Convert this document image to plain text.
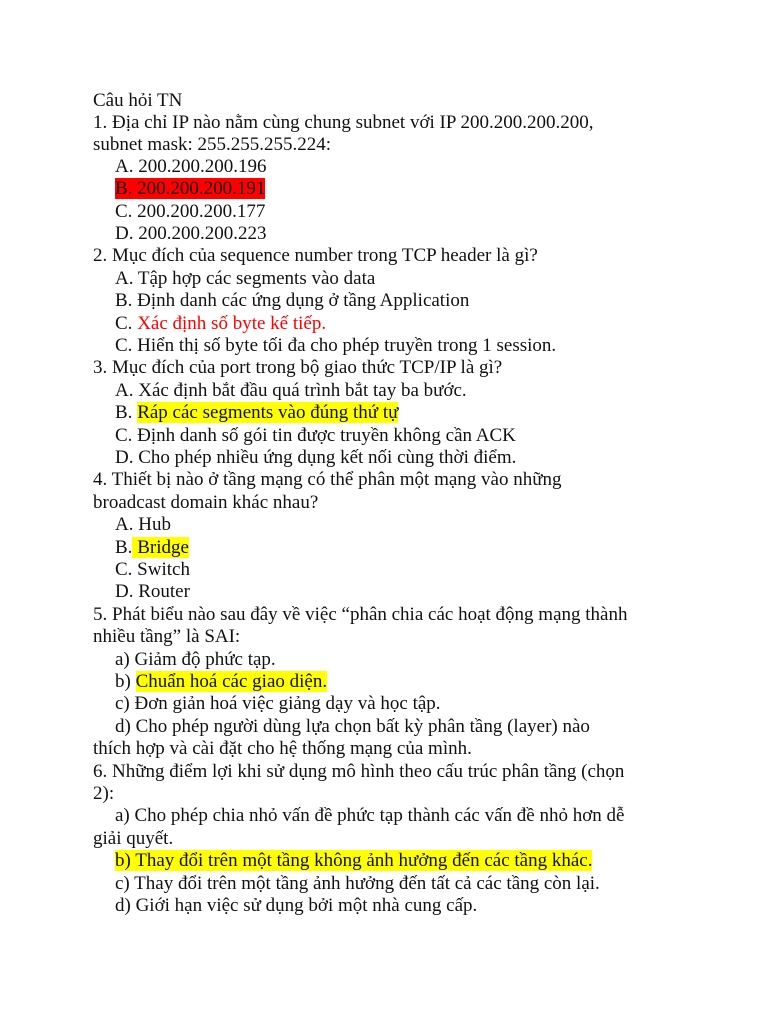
Câu hỏi TN
1. Địa chỉ IP nào nằm cùng chung subnet với IP 200.200.200.200,
subnet mask: 255.255.255.224:
A. 200.200.200.196
B. 200.200.200.191
C. 200.200.200.177
D. 200.200.200.223
2. Mục đích của sequence number trong TCP header là gì?
A. Tập hợp các segments vào data
B. Định danh các ứng dụng ở tầng Application
C. Xác định số byte kế tiếp.
C. Hiển thị số byte tối đa cho phép truyền trong 1 session.
3. Mục đích của port trong bộ giao thức TCP/IP là gì?
A. Xác định bắt đầu quá trình bắt tay ba bước.
B. Ráp các segments vào đúng thứ tự
C. Định danh số gói tin được truyền không cần ACK
D. Cho phép nhiều ứng dụng kết nối cùng thời điểm.
4. Thiết bị nào ở tầng mạng có thể phân một mạng vào những
broadcast domain khác nhau?
A. Hub
B. Bridge
C. Switch
D. Router
5. Phát biểu nào sau đây về việc “phân chia các hoạt động mạng thành
nhiều tầng” là SAI:
a) Giảm độ phức tạp.
b) Chuẩn hoá các giao diện.
c) Đơn giản hoá việc giảng dạy và học tập.
d) Cho phép người dùng lựa chọn bất kỳ phân tầng (layer) nào
thích hợp và cài đặt cho hệ thống mạng của mình.
6. Những điểm lợi khi sử dụng mô hình theo cấu trúc phân tầng (chọn
2):
a) Cho phép chia nhỏ vấn đề phức tạp thành các vấn đề nhỏ hơn dễ
giải quyết.
b) Thay đổi trên một tầng không ảnh hưởng đến các tầng khác.
c) Thay đổi trên một tầng ảnh hưởng đến tất cả các tầng còn lại.
d) Giới hạn việc sử dụng bởi một nhà cung cấp.
